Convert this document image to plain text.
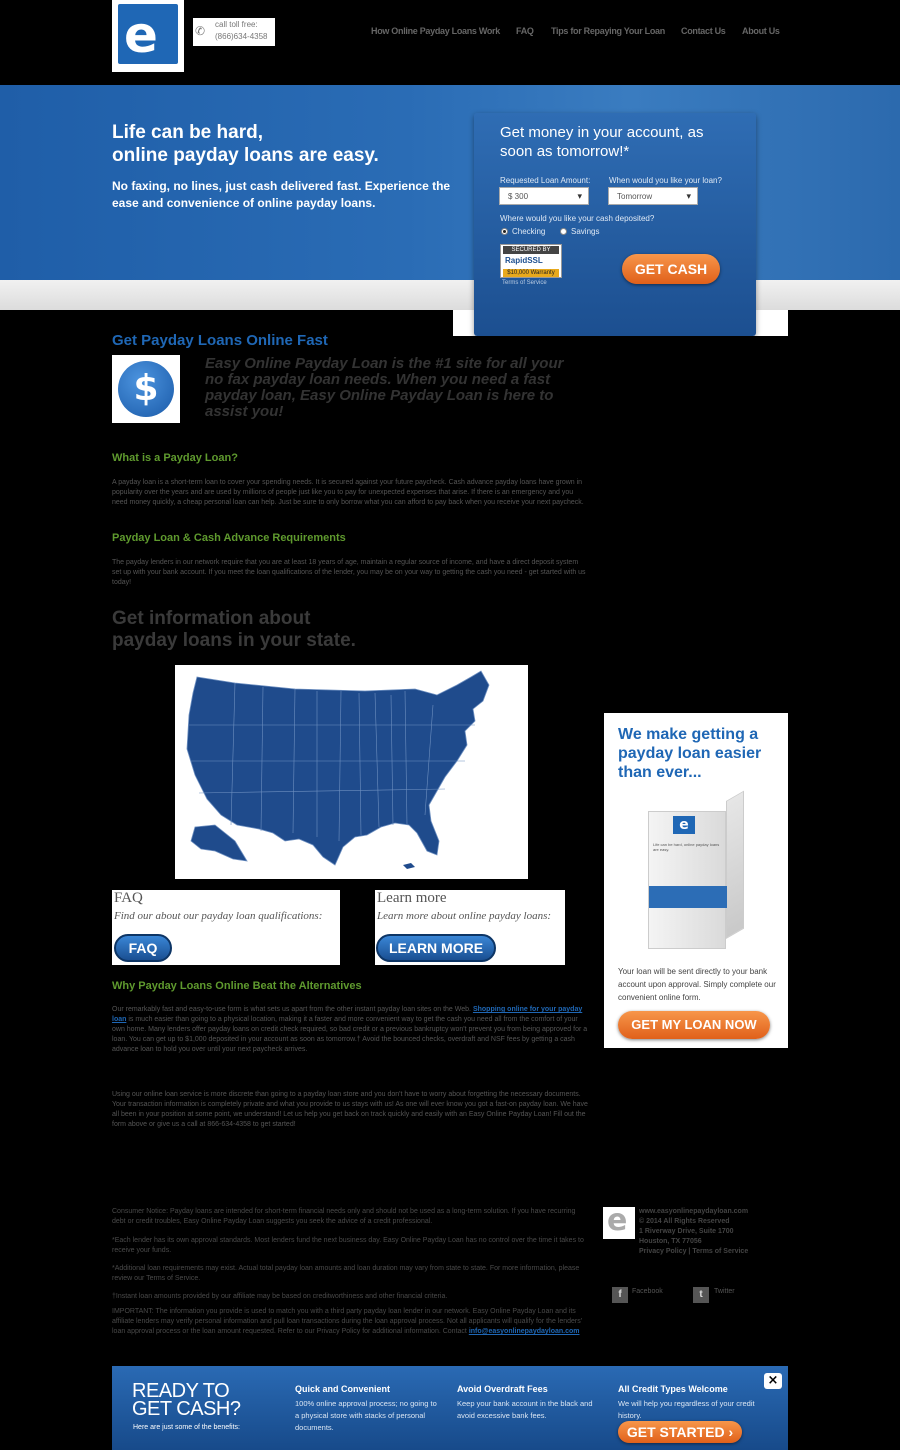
e	✆ call toll free:
(866)634-4358
How Online Payday Loans Work FAQ Tips for Repaying Your Loan Contact Us About Us
Life can be hard,
online payday loans are easy.
No faxing, no lines, just cash delivered fast. Experience the ease and convenience of online payday loans.
Get money in your account, as soon as tomorrow!*
Requested Loan Amount:
$ 300 ▾
When would you like your loan?
Tomorrow ▾
Where would you like your cash deposited?
Checking	Savings
SECURED BY
RapidSSL
$10,000 Warranty
Terms of Service
GET CASH
Get Payday Loans Online Fast
$
Easy Online Payday Loan is the #1 site for all your no fax payday loan needs. When you need a fast payday loan, Easy Online Payday Loan is here to assist you!
What is a Payday Loan?
A payday loan is a short-term loan to cover your spending needs. It is secured against your future paycheck. Cash advance payday loans have grown in popularity over the years and are used by millions of people just like you to pay for unexpected expenses that arise. If there is an emergency and you need money quickly, a cheap personal loan can help. Just be sure to only borrow what you can afford to pay back when you receive your next paycheck.
Payday Loan & Cash Advance Requirements
The payday lenders in our network require that you are at least 18 years of age, maintain a regular source of income, and have a direct deposit system set up with your bank account. If you meet the loan qualifications of the lender, you may be on your way to getting the cash you need - get started with us today!
Get information about
payday loans in your state.
FAQ
Find our about our payday loan qualifications:
FAQ
Learn more
Learn more about online payday loans:
LEARN MORE
Why Payday Loans Online Beat the Alternatives
Our remarkably fast and easy-to-use form is what sets us apart from the other instant payday loan sites on the Web. Shopping online for your payday loan is much easier than going to a physical location, making it a faster and more convenient way to get the cash you need all from the comfort of your own home. Many lenders offer payday loans on credit check required, so bad credit or a previous bankruptcy won't prevent you from being approved for a loan. You can get up to $1,000 deposited in your account as soon as tomorrow.† Avoid the bounced checks, overdraft and NSF fees by getting a cash advance loan to hold you over until your next paycheck arrives.
Using our online loan service is more discrete than going to a payday loan store and you don't have to worry about forgetting the necessary documents. Your transaction information is completely private and what you provide to us stays with us! As one will ever know you got a fast-on payday loan. We have all been in your position at some point, we understand! Let us help you get back on track quickly and easily with an Easy Online Payday Loan! Fill out the form above or give us a call at 866-634-4358 to get started!
We make getting a payday loan easier than ever...
e
Life can be hard, online payday loans are easy.
Your loan will be sent directly to your bank account upon approval. Simply complete our convenient online form.
GET MY LOAN NOW
Consumer Notice: Payday loans are intended for short-term financial needs only and should not be used as a long-term solution. If you have recurring debt or credit troubles, Easy Online Payday Loan suggests you seek the advice of a credit professional.
*Each lender has its own approval standards. Most lenders fund the next business day. Easy Online Payday Loan has no control over the time it takes to receive your funds.
*Additional loan requirements may exist. Actual total payday loan amounts and loan duration may vary from state to state. For more information, please review our Terms of Service.
†Instant loan amounts provided by our affiliate may be based on creditworthiness and other financial criteria.
IMPORTANT: The information you provide is used to match you with a third party payday loan lender in our network. Easy Online Payday Loan and its affiliate lenders may verify personal information and pull loan transactions during the loan approval process. Not all applicants will qualify for the lenders' loan approval process or the loan amount requested. Refer to our Privacy Policy for additional information. Contact info@easyonlinepaydayloan.com
e www.easyonlinepaydayloan.com
© 2014 All Rights Reserved
1 Riverway Drive, Suite 1700
Houston, TX 77056
Privacy Policy | Terms of Service
f	Facebook	t	Twitter
READY TO
GET CASH?
Here are just some of the benefits:
Quick and Convenient
100% online approval process; no going to a physical store with stacks of personal documents.
Avoid Overdraft Fees
Keep your bank account in the black and avoid excessive bank fees.
All Credit Types Welcome
We will help you regardless of your credit history.
GET STARTED ›
×
